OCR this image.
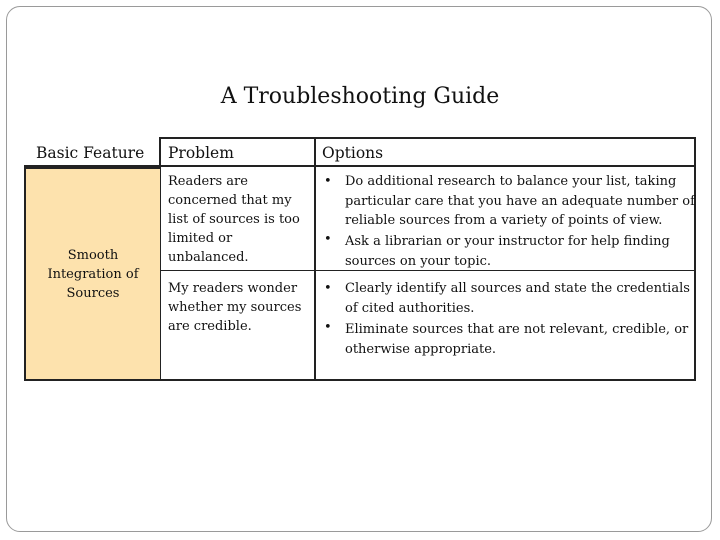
A Troubleshooting Guide
Basic Feature Problem	Options
Smooth Integration of Sources
Readers are concerned that my list of sources is too limited or unbalanced.
• Do additional research to balance your list, taking particular care that you have an adequate number of reliable sources from a variety of points of view.
• Ask a librarian or your instructor for help finding sources on your topic.
My readers wonder whether my sources are credible.
• Clearly identify all sources and state the credentials of cited authorities.
• Eliminate sources that are not relevant, credible, or otherwise appropriate.
